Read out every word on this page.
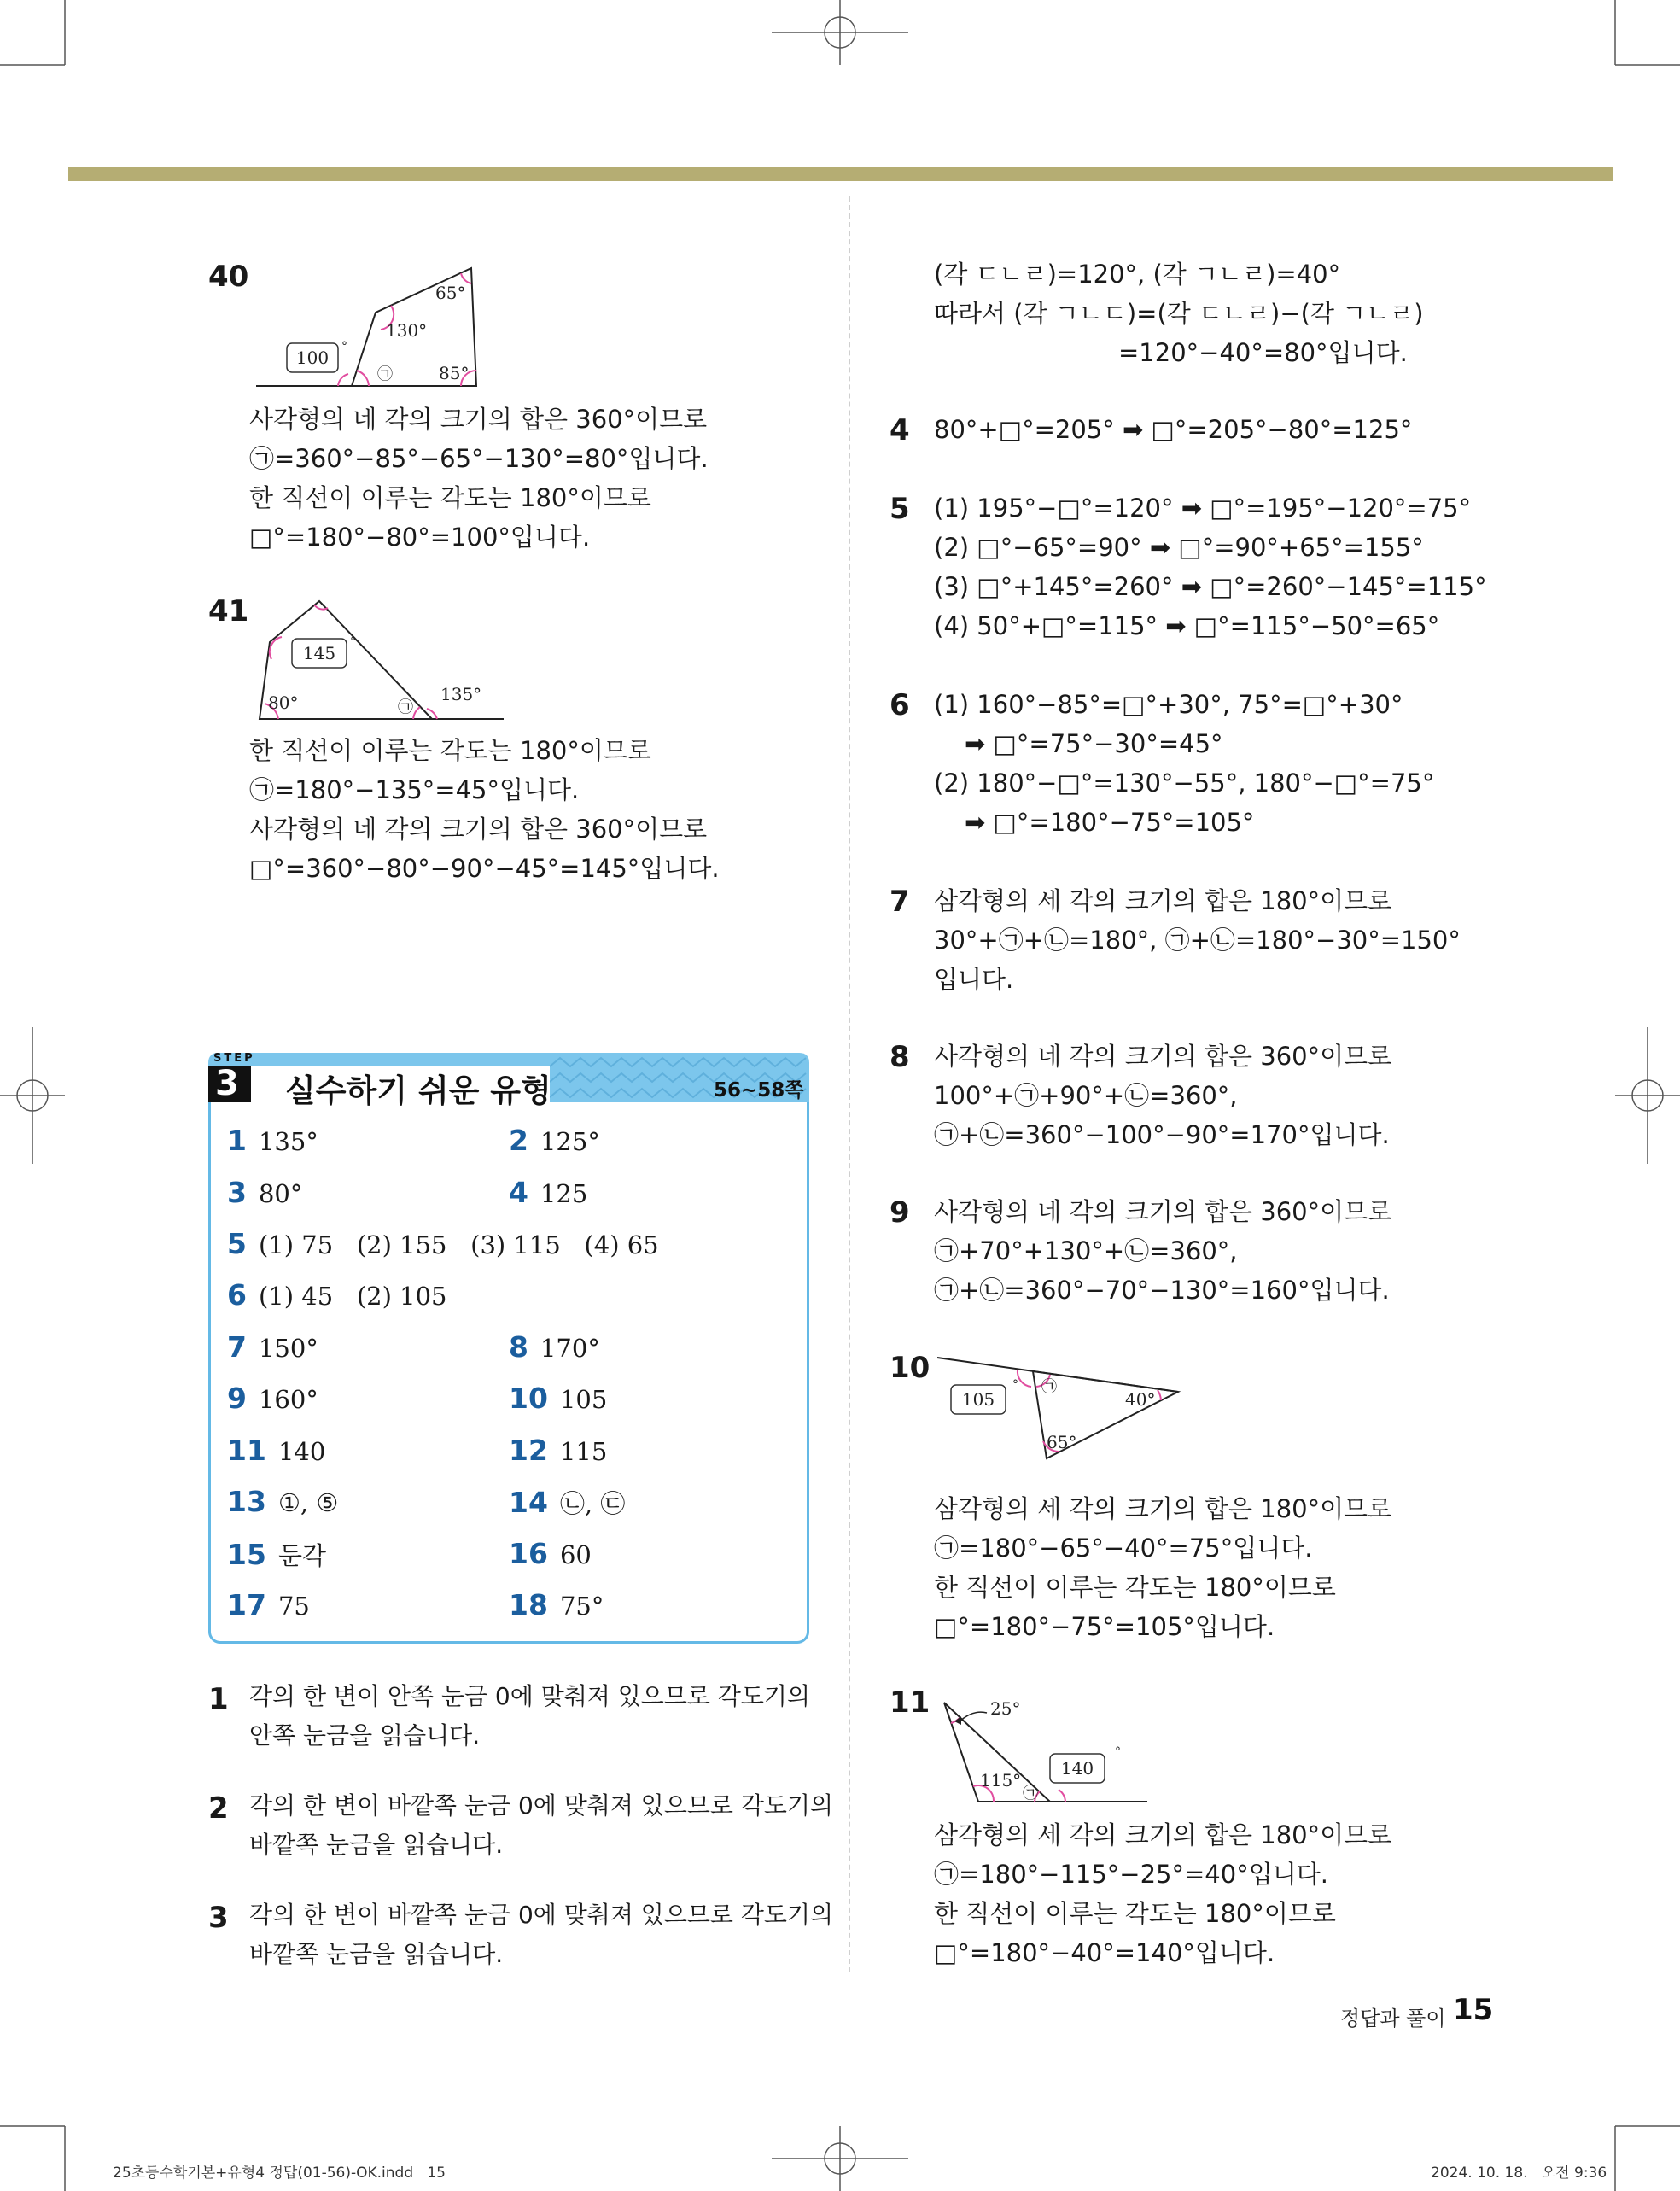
40
100
°
130°
65°
85°
㉠
사각형의 네 각의 크기의 합은 360°이므로
㉠=360°−85°−65°−130°=80°입니다.
한 직선이 이루는 각도는 180°이므로
□°=180°−80°=100°입니다.
41
145
°
80°	135°
㉠
한 직선이 이루는 각도는 180°이므로
㉠=180°−135°=45°입니다.
사각형의 네 각의 크기의 합은 360°이므로
□°=360°−80°−90°−45°=145°입니다.
STEP
3 실수하기 쉬운 유형	56~58쪽
1 135°	2 125°
3 80°	4 125
5 (1) 75   (2) 155   (3) 115   (4) 65
6 (1) 45   (2) 105
7 150°	8 170°
9 160°	10 105
11 140	12 115
13 ①, ⑤	14 ㉡, ㉢
15 둔각	16 60
17 75	18 75°
1 각의 한 변이 안쪽 눈금 0에 맞춰져 있으므로 각도기의
안쪽 눈금을 읽습니다.
2 각의 한 변이 바깥쪽 눈금 0에 맞춰져 있으므로 각도기의
바깥쪽 눈금을 읽습니다.
3 각의 한 변이 바깥쪽 눈금 0에 맞춰져 있으므로 각도기의
바깥쪽 눈금을 읽습니다.
(각 ㄷㄴㄹ)=120°, (각 ㄱㄴㄹ)=40°
따라서 (각 ㄱㄴㄷ)=(각 ㄷㄴㄹ)−(각 ㄱㄴㄹ)
=120°−40°=80°입니다.
4 80°+□°=205° ➡ □°=205°−80°=125°
5 (1) 195°−□°=120° ➡ □°=195°−120°=75°
(2) □°−65°=90° ➡ □°=90°+65°=155°
(3) □°+145°=260° ➡ □°=260°−145°=115°
(4) 50°+□°=115° ➡ □°=115°−50°=65°
6 (1) 160°−85°=□°+30°, 75°=□°+30°
➡ □°=75°−30°=45°
(2) 180°−□°=130°−55°, 180°−□°=75°
➡ □°=180°−75°=105°
7 삼각형의 세 각의 크기의 합은 180°이므로
30°+㉠+㉡=180°, ㉠+㉡=180°−30°=150°
입니다.
8 사각형의 네 각의 크기의 합은 360°이므로
100°+㉠+90°+㉡=360°,
㉠+㉡=360°−100°−90°=170°입니다.
9 사각형의 네 각의 크기의 합은 360°이므로
㉠+70°+130°+㉡=360°,
㉠+㉡=360°−70°−130°=160°입니다.
10
105
°
40°
65°
㉠
삼각형의 세 각의 크기의 합은 180°이므로
㉠=180°−65°−40°=75°입니다.
한 직선이 이루는 각도는 180°이므로
□°=180°−75°=105°입니다.
11
140
°
25°
115°
㉠
삼각형의 세 각의 크기의 합은 180°이므로
㉠=180°−115°−25°=40°입니다.
한 직선이 이루는 각도는 180°이므로
□°=180°−40°=140°입니다.
정답과 풀이 15
25초등수학기본+유형4 정답(01-56)-OK.indd   15	2024. 10. 18.   오전 9:36
